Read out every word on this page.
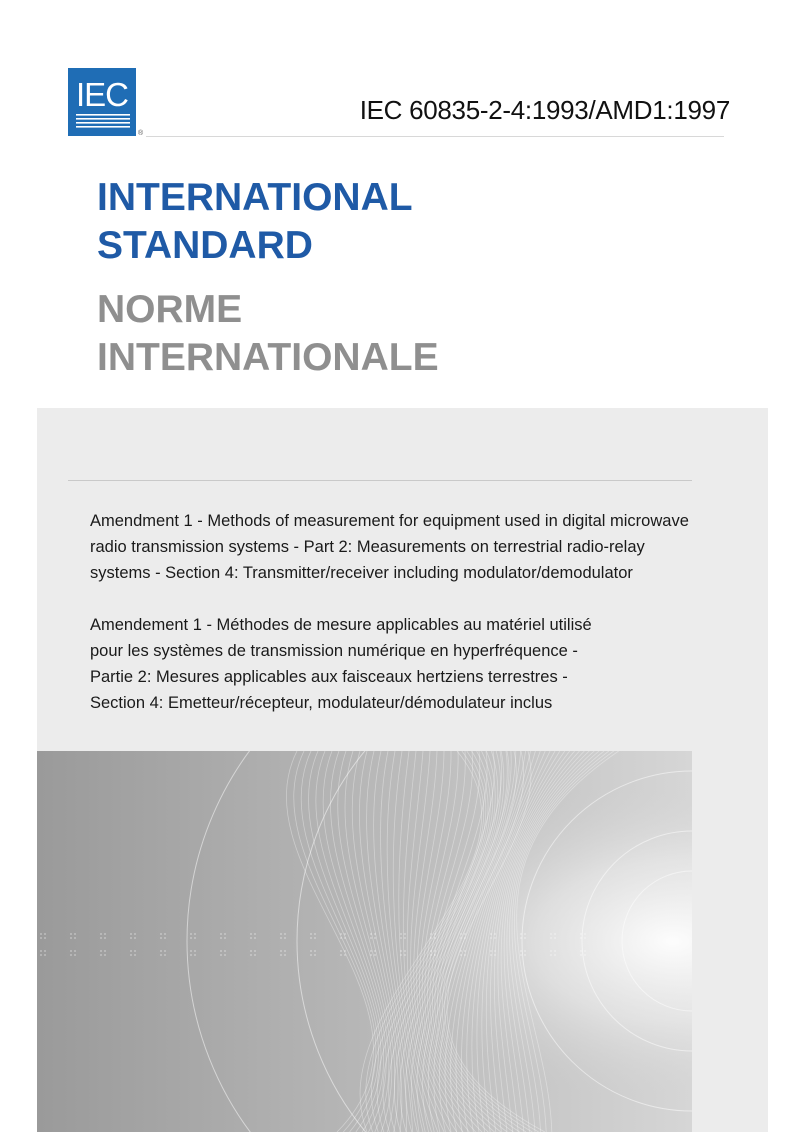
IEC
®
IEC 60835-2-4:1993/AMD1:1997
INTERNATIONAL
STANDARD
NORME
INTERNATIONALE

Amendment 1 - Methods of measurement for equipment used in digital microwave
radio transmission systems - Part 2: Measurements on terrestrial radio-relay
systems - Section 4: Transmitter/receiver including modulator/demodulator

Amendement 1 - Méthodes de mesure applicables au matériel utilisé
pour les systèmes de transmission numérique en hyperfréquence -
Partie 2: Mesures applicables aux faisceaux hertziens terrestres -
Section 4: Emetteur/récepteur, modulateur/démodulateur inclus
